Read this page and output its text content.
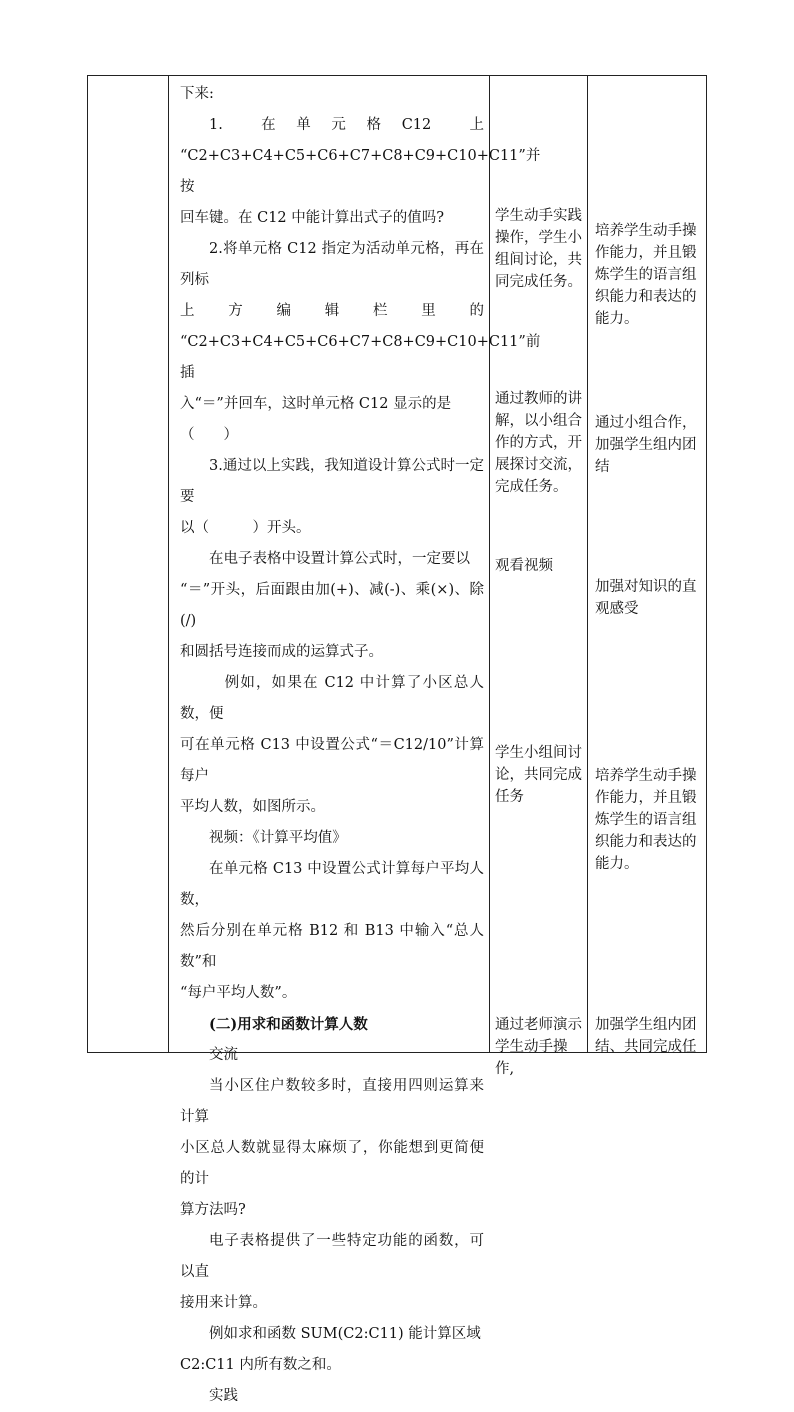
下来:

1.　　在　单　元　格　C12　　上

“C2+C3+C4+C5+C6+C7+C8+C9+C10+C11”并按

回车键。在 C12 中能计算出式子的值吗?

2.将单元格 C12 指定为活动单元格，再在列标

上　方　编　辑　栏　里　的

“C2+C3+C4+C5+C6+C7+C8+C9+C10+C11”前插

入“＝”并回车，这时单元格 C12 显示的是

（　　）

3.通过以上实践，我知道设计算公式时一定要

以（　　　）开头。

在电子表格中设置计算公式时，一定要以

“＝”开头，后面跟由加(+)、减(-)、乘(×)、除(/)

和圆括号连接而成的运算式子。

　例如，如果在 C12 中计算了小区总人数，便

可在单元格 C13 中设置公式“＝C12/10”计算每户

平均人数，如图所示。

视频：《计算平均值》

在单元格 C13 中设置公式计算每户平均人数，

然后分别在单元格 B12 和 B13 中输入“总人数”和

“每户平均人数”。

(二)用求和函数计算人数

交流

当小区住户数较多时，直接用四则运算来计算

小区总人数就显得太麻烦了，你能想到更简便的计

算方法吗?

电子表格提供了一些特定功能的函数，可以直

接用来计算。

例如求和函数 SUM(C2:C11) 能计算区域

C2:C11 内所有数之和。

实践

学生动手实践操作，学生小组间讨论，共同完成任务。
通过教师的讲解，以小组合作的方式，开展探讨交流，完成任务。
观看视频
学生小组间讨论，共同完成任务
通过老师演示学生动手操作,
培养学生动手操作能力，并且锻炼学生的语言组织能力和表达的能力。
通过小组合作，加强学生组内团结
加强对知识的直观感受
培养学生动手操作能力，并且锻炼学生的语言组织能力和表达的能力。
加强学生组内团结、共同完成任
